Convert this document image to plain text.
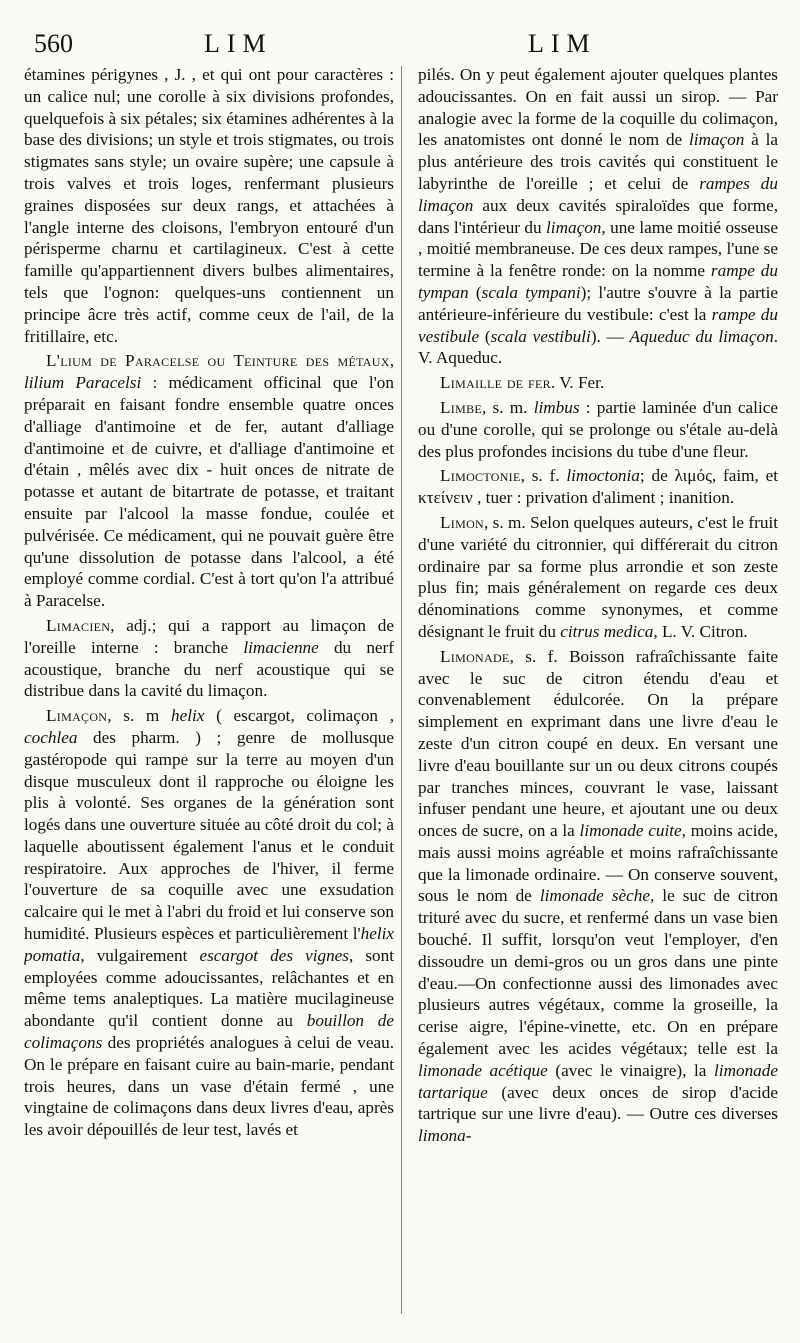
560	LIM	LIM

étamines périgynes , J. , et qui ont pour caractères : un calice nul; une corolle à six divisions profondes, quelquefois à six pétales; six étamines adhérentes à la base des divisions; un style et trois stigmates, ou trois stigmates sans style; un ovaire supère; une capsule à trois valves et trois loges, renfermant plusieurs graines disposées sur deux rangs, et attachées à l'angle interne des cloisons, l'embryon entouré d'un périsperme charnu et cartilagineux. C'est à cette famille qu'appartiennent divers bulbes alimentaires, tels que l'ognon: quelques-uns contiennent un principe âcre très actif, comme ceux de l'ail, de la fritillaire, etc.

L'lium de Paracelse ou Teinture des métaux, lilium Paracelsi : médicament officinal que l'on préparait en faisant fondre ensemble quatre onces d'alliage d'antimoine et de fer, autant d'alliage d'antimoine et de cuivre, et d'alliage d'antimoine et d'étain , mêlés avec dix - huit onces de nitrate de potasse et autant de bitartrate de potasse, et traitant ensuite par l'alcool la masse fondue, coulée et pulvérisée. Ce médicament, qui ne pouvait guère être qu'une dissolution de potasse dans l'alcool, a été employé comme cordial. C'est à tort qu'on l'a attribué à Paracelse.

Limacien, adj.; qui a rapport au limaçon de l'oreille interne : branche limacienne du nerf acoustique, branche du nerf acoustique qui se distribue dans la cavité du limaçon.

Limaçon, s. m helix ( escargot, colimaçon , cochlea des pharm. ) ; genre de mollusque gastéropode qui rampe sur la terre au moyen d'un disque musculeux dont il rapproche ou éloigne les plis à volonté. Ses organes de la génération sont logés dans une ouverture située au côté droit du col; à laquelle aboutissent également l'anus et le conduit respiratoire. Aux approches de l'hiver, il ferme l'ouverture de sa coquille avec une exsudation calcaire qui le met à l'abri du froid et lui conserve son humidité. Plusieurs espèces et particulièrement l'helix pomatia, vulgairement escargot des vignes, sont employées comme adoucissantes, relâchantes et en même tems analeptiques. La matière mucilagineuse abondante qu'il contient donne au bouillon de colimaçons des propriétés analogues à celui de veau. On le prépare en faisant cuire au bain-marie, pendant trois heures, dans un vase d'étain fermé , une vingtaine de colimaçons dans deux livres d'eau, après les avoir dépouillés de leur test, lavés et

pilés. On y peut également ajouter quelques plantes adoucissantes. On en fait aussi un sirop. — Par analogie avec la forme de la coquille du colimaçon, les anatomistes ont donné le nom de limaçon à la plus antérieure des trois cavités qui constituent le labyrinthe de l'oreille ; et celui de rampes du limaçon aux deux cavités spiraloïdes que forme, dans l'intérieur du limaçon, une lame moitié osseuse , moitié membraneuse. De ces deux rampes, l'une se termine à la fenêtre ronde: on la nomme rampe du tympan (scala tympani); l'autre s'ouvre à la partie antérieure-inférieure du vestibule: c'est la rampe du vestibule (scala vestibuli). — Aqueduc du limaçon. V. Aqueduc.

Limaille de fer. V. Fer.

Limbe, s. m. limbus : partie laminée d'un calice ou d'une corolle, qui se prolonge ou s'étale au-delà des plus profondes incisions du tube d'une fleur.

Limoctonie, s. f. limoctonia; de λιμός, faim, et κτείνειν , tuer : privation d'aliment ; inanition.

Limon, s. m. Selon quelques auteurs, c'est le fruit d'une variété du citronnier, qui différerait du citron ordinaire par sa forme plus arrondie et son zeste plus fin; mais généralement on regarde ces deux dénominations comme synonymes, et comme désignant le fruit du citrus medica, L. V. Citron.

Limonade, s. f. Boisson rafraîchissante faite avec le suc de citron étendu d'eau et convenablement édulcorée. On la prépare simplement en exprimant dans une livre d'eau le zeste d'un citron coupé en deux. En versant une livre d'eau bouillante sur un ou deux citrons coupés par tranches minces, couvrant le vase, laissant infuser pendant une heure, et ajoutant une ou deux onces de sucre, on a la limonade cuite, moins acide, mais aussi moins agréable et moins rafraîchissante que la limonade ordinaire. — On conserve souvent, sous le nom de limonade sèche, le suc de citron trituré avec du sucre, et renfermé dans un vase bien bouché. Il suffit, lorsqu'on veut l'employer, d'en dissoudre un demi-gros ou un gros dans une pinte d'eau.—On confectionne aussi des limonades avec plusieurs autres végétaux, comme la groseille, la cerise aigre, l'épine-vinette, etc. On en prépare également avec les acides végétaux; telle est la limonade acétique (avec le vinaigre), la limonade tartarique (avec deux onces de sirop d'acide tartrique sur une livre d'eau). — Outre ces diverses limona-
